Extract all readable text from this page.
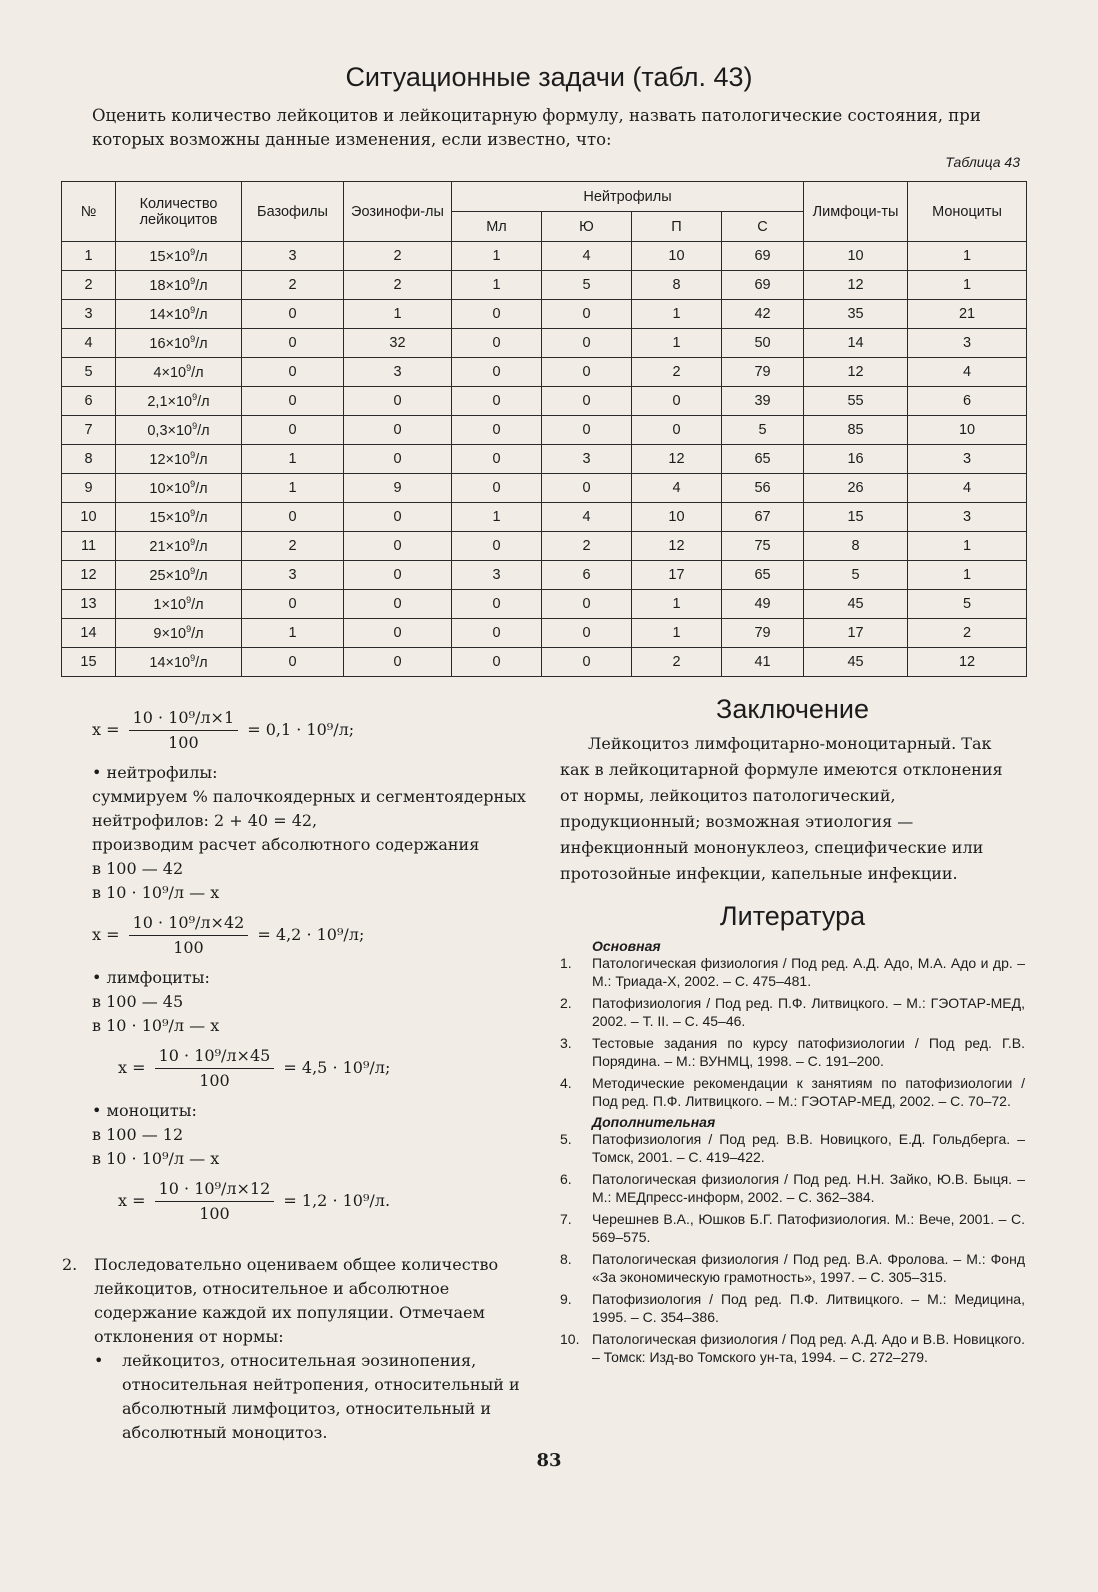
Ситуационные задачи (табл. 43)
Оценить количество лейкоцитов и лейкоцитарную формулу, назвать патологические состояния, при которых возможны данные изменения, если известно, что:
Таблица 43
№	Количество лейкоцитов	Базофилы	Эозинофи-лы	Нейтрофилы				Лимфоци-ты	Моноциты
				Мл	Ю	П	С		
1	$15\times 10^9/л$	3	2	1	4	10	69	10	1
2	$18\times 10^9/л$	2	2	1	5	8	69	12	1
3	$14\times 10^9/л$	0	1	0	0	1	42	35	21
4	$16\times 10^9/л$	0	32	0	0	1	50	14	3
5	$4\times 10^9/л$	0	3	0	0	2	79	12	4
6	$2,1\times 10^9/л$	0	0	0	0	0	39	55	6
7	$0,3\times 10^9/л$	0	0	0	0	0	5	85	10
8	$12\times 10^9/л$	1	0	0	3	12	65	16	3
9	$10\times 10^9/л$	1	9	0	0	4	56	26	4
10	$15\times 10^9/л$	0	0	1	4	10	67	15	3
11	$21\times 10^9/л$	2	0	0	2	12	75	8	1
12	$25\times 10^9/л$	3	0	3	6	17	65	5	1
13	$1\times 10^9/л$	0	0	0	0	1	49	45	5
14	$9\times 10^9/л$	1	0	0	0	1	79	17	2
15	$14\times 10^9/л$	0	0	0	0	2	41	45	12
$x = \frac{\text{10 · 10⁹/л×1}}{100} = 0,1 \cdot 10^9/л$;
• нейтрофилы:
суммируем % палочкоядерных и сегментоядерных нейтрофилов: 2 + 40 = 42,
производим расчет абсолютного содержания
в 100 — 42
в 10 · 10⁹/л — x
$x = \frac{\text{10 · 10⁹/л×42}}{100} = 4,2 \cdot 10^9/л$;
• лимфоциты:
в 100 — 45
в 10 · 10⁹/л — x
$x = \frac{\text{10 · 10⁹/л×45}}{100} = 4,5 \cdot 10^9/л$;
• моноциты:
в 100 — 12
в 10 · 10⁹/л — x
$x = \frac{\text{10 · 10⁹/л×12}}{100} = 1,2 \cdot 10^9/л$.
2.	Последовательно оцениваем общее количество лейкоцитов, относительное и абсолютное содержание каждой их популяции. Отмечаем отклонения от нормы:
•	лейкоцитоз, относительная эозинопения, относительная нейтропения, относительный и абсолютный лимфоцитоз, относительный и абсолютный моноцитоз.
Заключение
Лейкоцитоз лимфоцитарно-моноцитарный. Так как в лейкоцитарной формуле имеются отклонения от нормы, лейкоцитоз патологический, продукционный; возможная этиология — инфекционный мононуклеоз, специфические или протозойные инфекции, капельные инфекции.
Литература
Основная
1.	Патологическая физиология / Под ред. А.Д. Адо, М.А. Адо и др. – М.: Триада-Х, 2002. – С. 475–481.
2.	Патофизиология / Под ред. П.Ф. Литвицкого. – М.: ГЭОТАР-МЕД, 2002. – Т. II. – С. 45–46.
3.	Тестовые задания по курсу патофизиологии / Под ред. Г.В. Порядина. – М.: ВУНМЦ, 1998. – С. 191–200.
4.	Методические рекомендации к занятиям по патофизиологии / Под ред. П.Ф. Литвицкого. – М.: ГЭОТАР-МЕД, 2002. – С. 70–72.
Дополнительная
5.	Патофизиология / Под ред. В.В. Новицкого, Е.Д. Гольдберга. – Томск, 2001. – С. 419–422.
6.	Патологическая физиология / Под ред. Н.Н. Зайко, Ю.В. Быця. – М.: МЕДпресс-информ, 2002. – С. 362–384.
7.	Черешнев В.А., Юшков Б.Г. Патофизиология. М.: Вече, 2001. – С. 569–575.
8.	Патологическая физиология / Под ред. В.А. Фролова. – М.: Фонд «За экономическую грамотность», 1997. – С. 305–315.
9.	Патофизиология / Под ред. П.Ф. Литвицкого. – М.: Медицина, 1995. – С. 354–386.
10. Патологическая физиология / Под ред. А.Д. Адо и В.В. Новицкого. – Томск: Изд-во Томского ун-та, 1994. – С. 272–279.
83
